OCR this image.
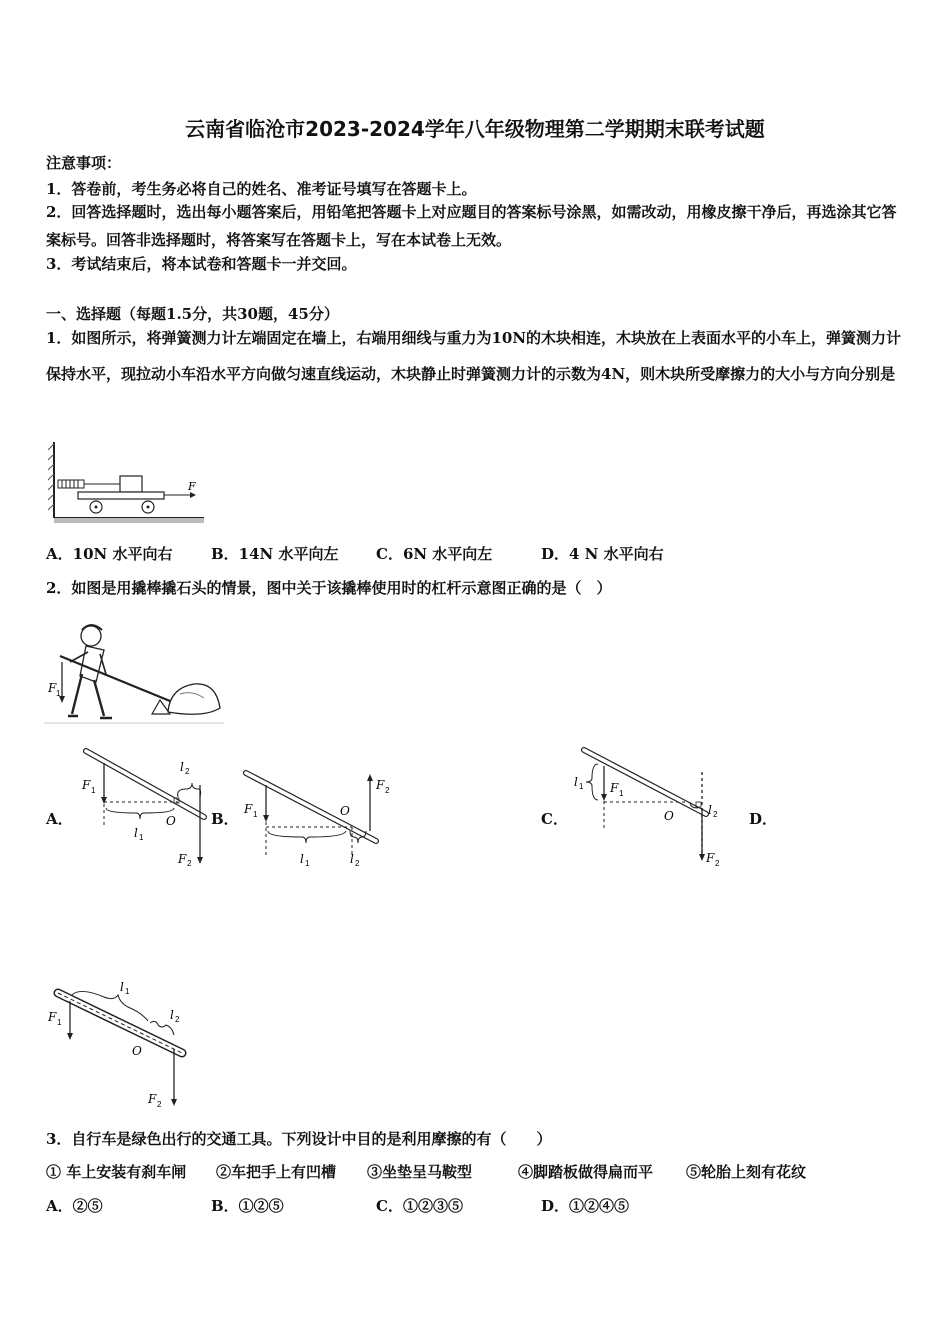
云南省临沧市2023-2024学年八年级物理第二学期期末联考试题
注意事项：
1．答卷前，考生务必将自己的姓名、准考证号填写在答题卡上。
2．回答选择题时，选出每小题答案后，用铅笔把答题卡上对应题目的答案标号涂黑，如需改动，用橡皮擦干净后，再选涂其它答案标号。回答非选择题时，将答案写在答题卡上，写在本试卷上无效。
3．考试结束后，将本试卷和答题卡一并交回。
一、选择题（每题1.5分，共30题，45分）
1．如图所示，将弹簧测力计左端固定在墙上，右端用细线与重力为10N的木块相连，木块放在上表面水平的小车上，弹簧测力计保持水平，现拉动小车沿水平方向做匀速直线运动，木块静止时弹簧测力计的示数为4N，则木块所受摩擦力的大小与方向分别是
F
A．10N 水平向右	B．14N 水平向左	C．6N 水平向左	D．4 N 水平向右
2．如图是用撬棒撬石头的情景，图中关于该撬棒使用时的杠杆示意图正确的是（　）
F 1
A．
F 1
l 1
O
F 2
l 2
B．
F 1
l 1
O
l 2
F 2
C．
l 1 F 1
O
F 2
l 2 D．
F 1
l 1
l 2
O
F 2
3．自行车是绿色出行的交通工具。下列设计中目的是利用摩擦的有（　　）
① 车上安装有刹车闸 ②车把手上有凹槽 ③坐垫呈马鞍型	④脚踏板做得扁而平 ⑤轮胎上刻有花纹
A．②⑤	B．①②⑤	C．①②③⑤	D．①②④⑤
